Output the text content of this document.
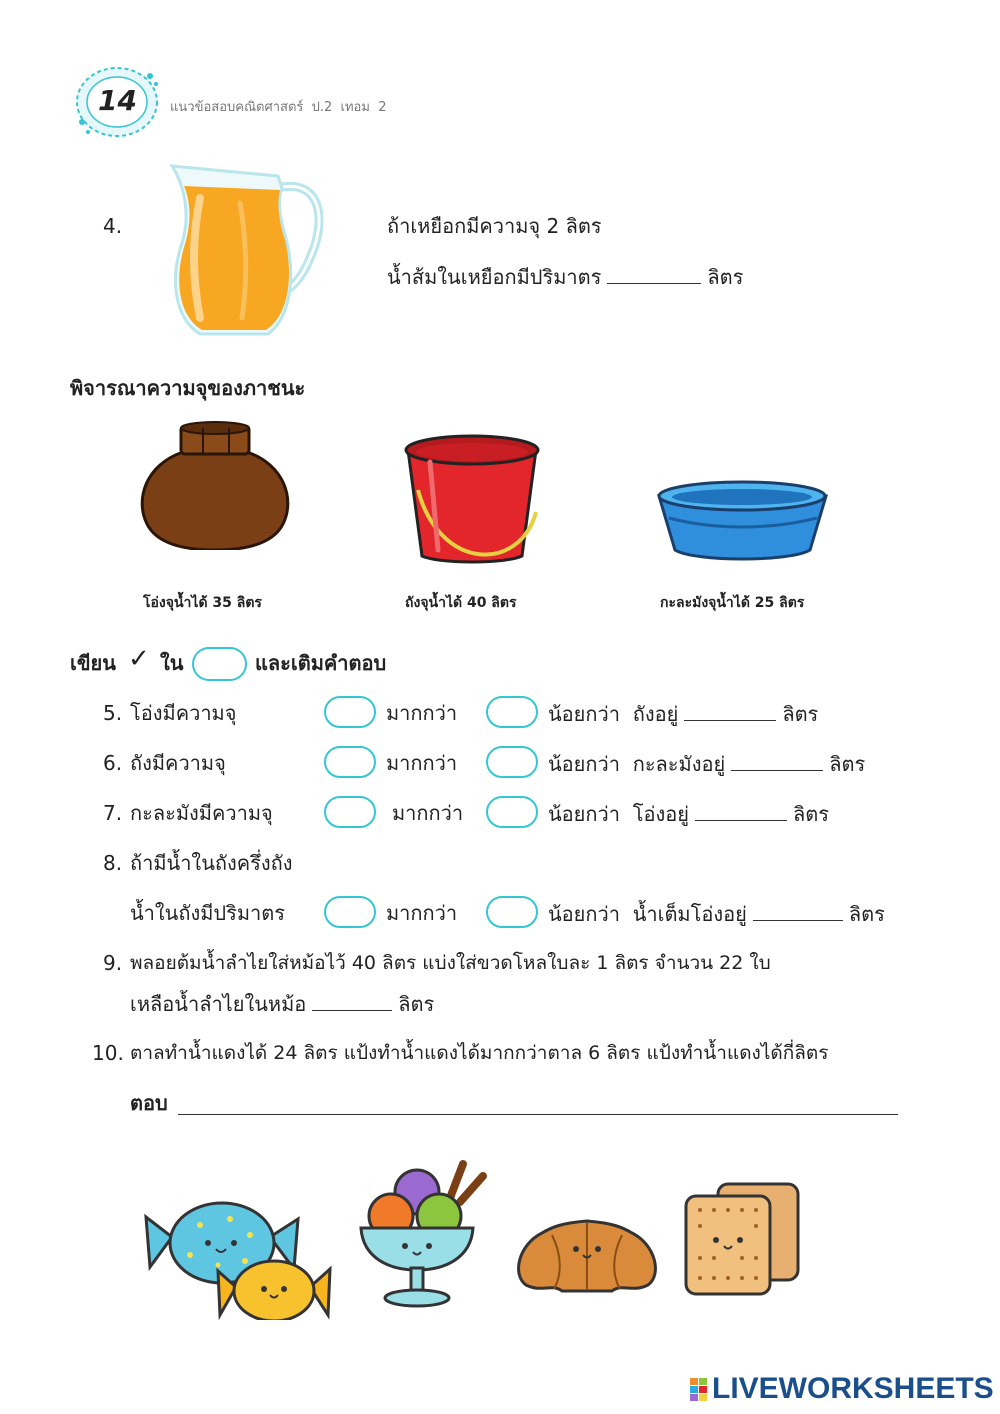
14	แนวข้อสอบคณิตศาสตร์  ป.2  เทอม  2
4.	ถ้าเหยือกมีความจุ 2 ลิตร
น้ำส้มในเหยือกมีปริมาตร	ลิตร
พิจารณาความจุของภาชนะ
โอ่งจุน้ำได้ 35 ลิตร	ถังจุน้ำได้ 40 ลิตร	กะละมังจุน้ำได้ 25 ลิตร
เขียน ✓ ใน	และเติมคำตอบ
5. โอ่งมีความจุ	มากกว่า	น้อยกว่า ถังอยู่	ลิตร
6. ถังมีความจุ	มากกว่า	น้อยกว่า กะละมังอยู่	ลิตร
7. กะละมังมีความจุ	มากกว่า	น้อยกว่า โอ่งอยู่	ลิตร
8. ถ้ามีน้ำในถังครึ่งถัง
น้ำในถังมีปริมาตร	มากกว่า	น้อยกว่า น้ำเต็มโอ่งอยู่	ลิตร
9. พลอยต้มน้ำลำไยใส่หม้อไว้ 40 ลิตร แบ่งใส่ขวดโหลใบละ 1 ลิตร จำนวน 22 ใบ
เหลือน้ำลำไยในหม้อ	ลิตร
10. ตาลทำน้ำแดงได้ 24 ลิตร แป้งทำน้ำแดงได้มากกว่าตาล 6 ลิตร แป้งทำน้ำแดงได้กี่ลิตร
ตอบ
LIVEWORKSHEETS
